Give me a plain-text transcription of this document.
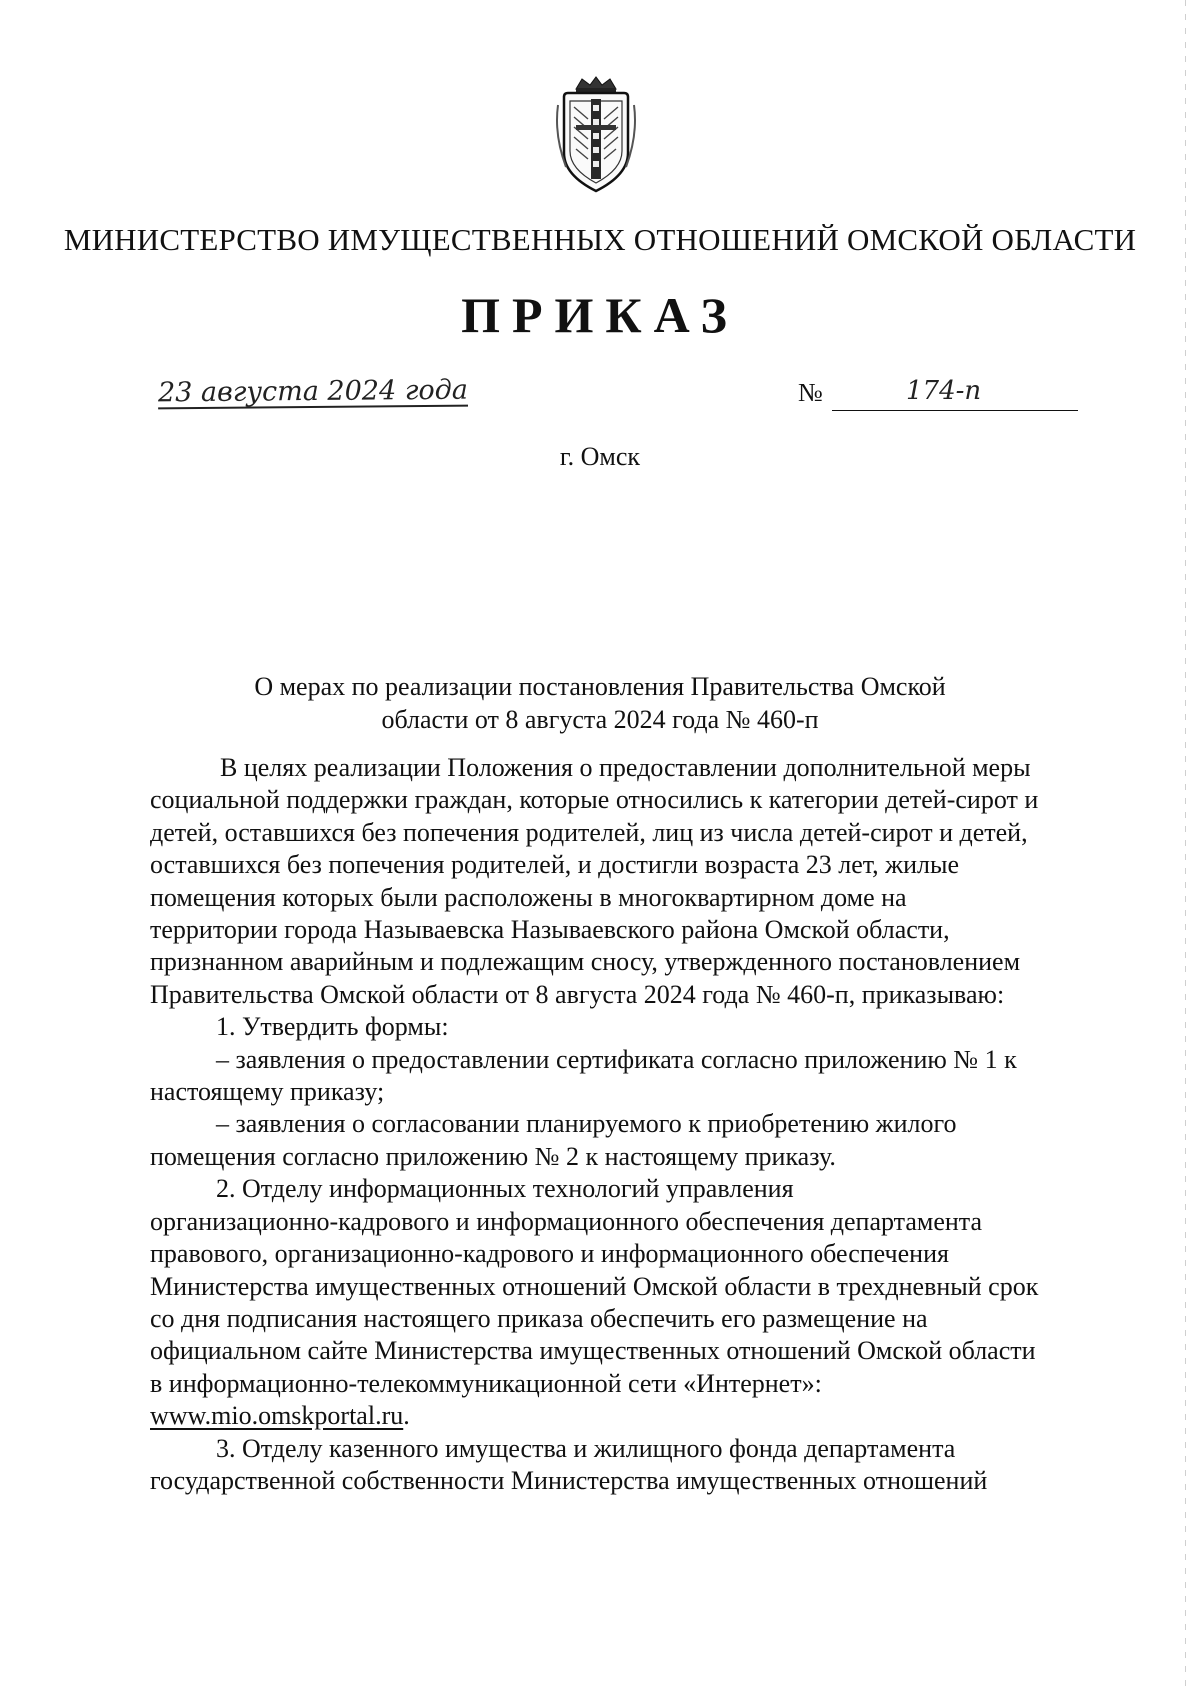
МИНИСТЕРСТВО ИМУЩЕСТВЕННЫХ ОТНОШЕНИЙ ОМСКОЙ ОБЛАСТИ
ПРИКАЗ
23 августа 2024 года	№	174-п
г. Омск
О мерах по реализации постановления Правительства Омской
области от 8 августа 2024 года № 460-п
В целях реализации Положения о предоставлении дополнительной меры
социальной поддержки граждан, которые относились к категории детей-сирот и
детей, оставшихся без попечения родителей, лиц из числа детей-сирот и детей,
оставшихся без попечения родителей, и достигли возраста 23 лет, жилые
помещения которых были расположены в многоквартирном доме на
территории города Называевска Называевского района Омской области,
признанном аварийным и подлежащим сносу, утвержденного постановлением
Правительства Омской области от 8 августа 2024 года № 460-п, приказываю:
1. Утвердить формы:
– заявления о предоставлении сертификата согласно приложению № 1 к
настоящему приказу;
– заявления о согласовании планируемого к приобретению жилого
помещения согласно приложению № 2 к настоящему приказу.
2. Отделу информационных технологий управления
организационно-кадрового и информационного обеспечения департамента
правового, организационно-кадрового и информационного обеспечения
Министерства имущественных отношений Омской области в трехдневный срок
со дня подписания настоящего приказа обеспечить его размещение на
официальном сайте Министерства имущественных отношений Омской области
в информационно-телекоммуникационной сети «Интернет»:
www.mio.omskportal.ru.
3. Отделу казенного имущества и жилищного фонда департамента
государственной собственности Министерства имущественных отношений
